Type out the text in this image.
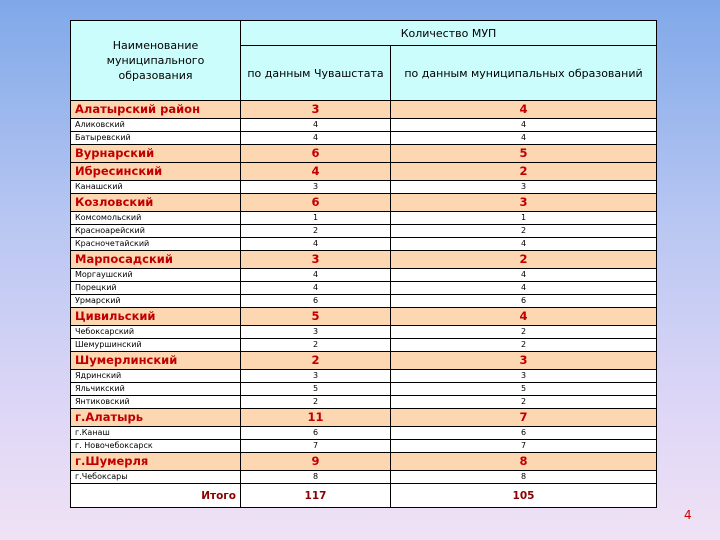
Наименование муниципального образования	Количество МУП	
	по данным Чувашстата	по данным муниципальных образований
Алатырский район	3	4
Аликовский	4	4
Батыревский	4	4
Вурнарский	6	5
Ибресинский	4	2
Канашский	3	3
Козловский	6	3
Комсомольский	1	1
Красноарейский	2	2
Красночетайский	4	4
Марпосадский	3	2
Моргаушский	4	4
Порецкий	4	4
Урмарский	6	6
Цивильский	5	4
Чебоксарский	3	2
Шемуршинский	2	2
Шумерлинский	2	3
Ядринский	3	3
Яльчикский	5	5
Янтиковский	2	2
г.Алатырь	11	7
г.Канаш	6	6
г. Новочебоксарск	7	7
г.Шумерля	9	8
г.Чебоксары	8	8
Итого	117	105
4
